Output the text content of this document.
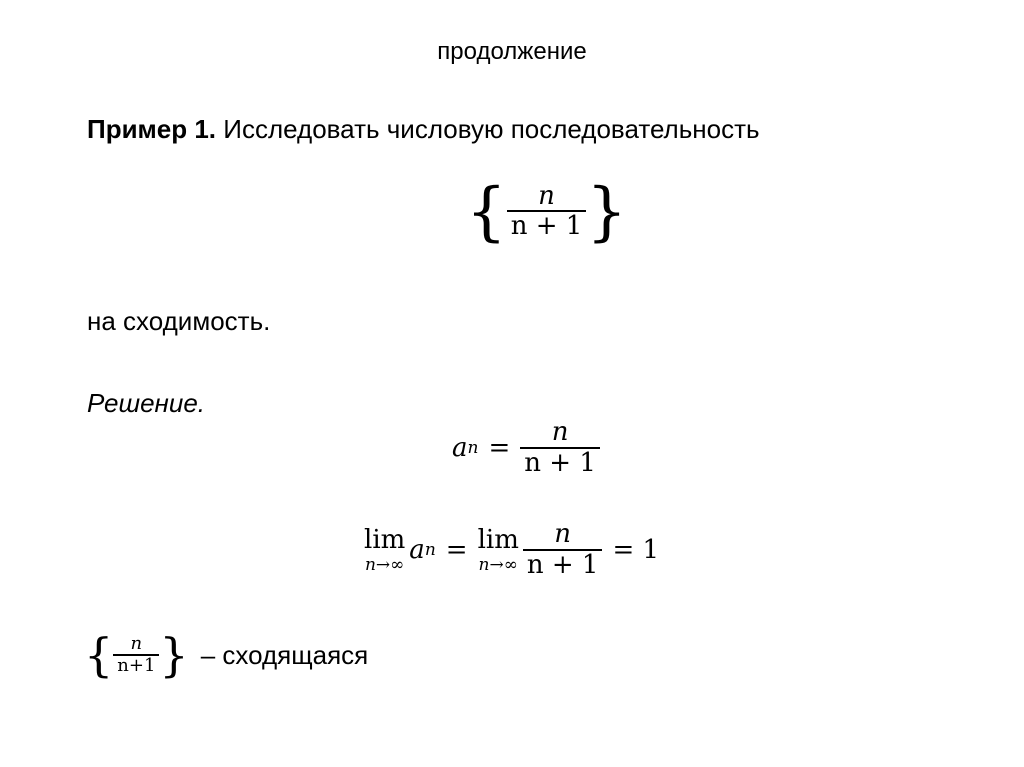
продолжение
Пример 1. Исследовать числовую последовательность
{ $\frac{n}{n + 1}$ }
на сходимость.
Решение.
a $n = \frac{n}{n + 1}$
lim
n→∞ a n = lim
$n\to\infty \frac{n}{n + 1} = 1$
{ $\frac{n}{n+1}$ } – сходящаяся
